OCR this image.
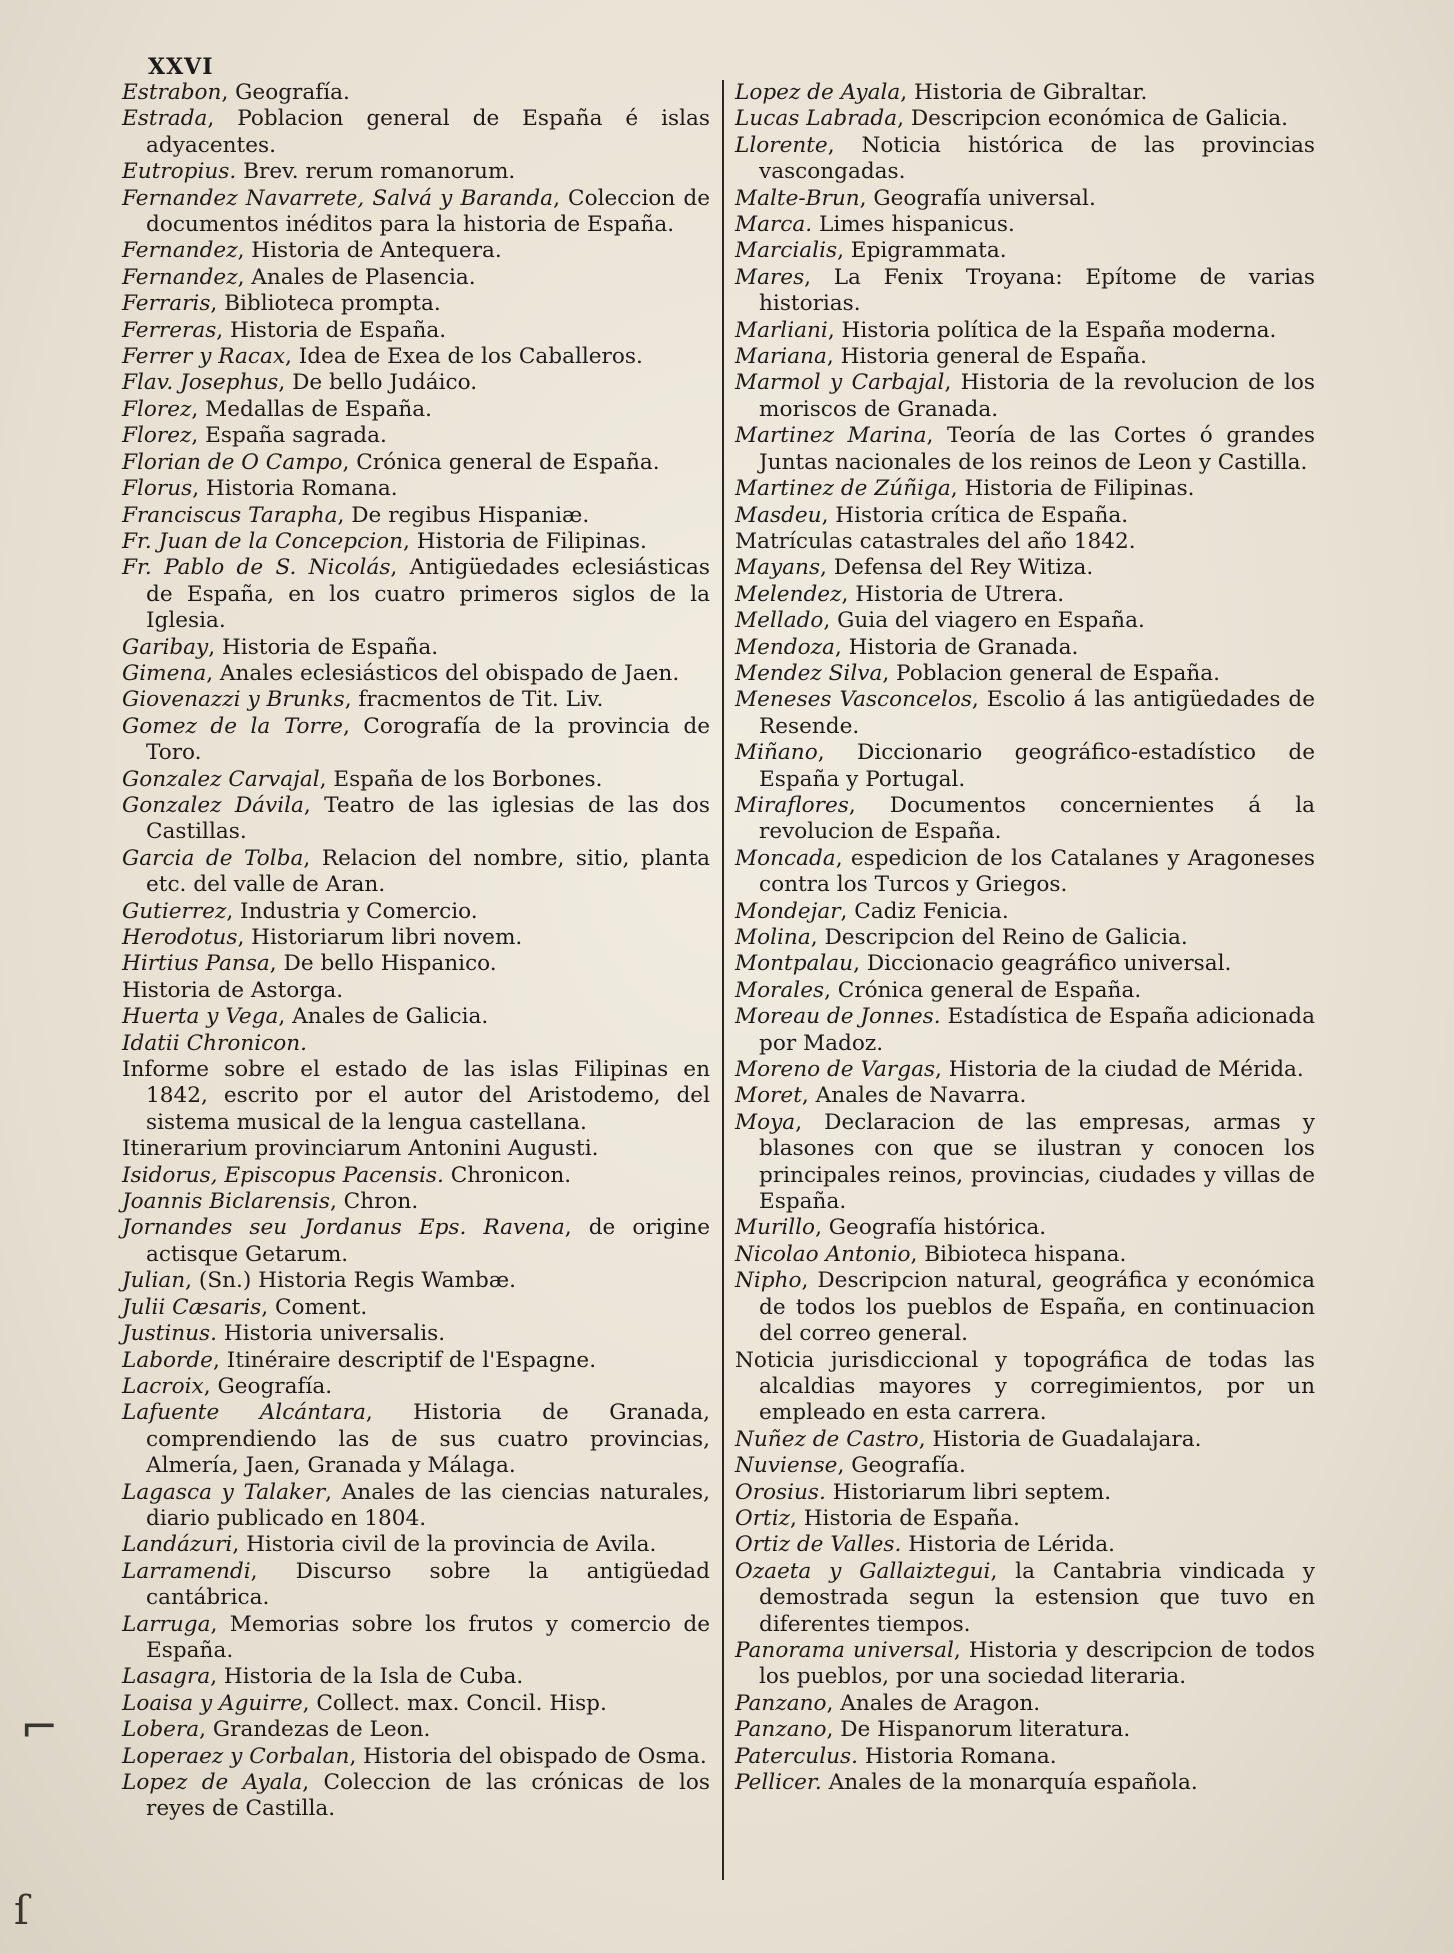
XXVI
Estrabon, Geografía.
Estrada, Poblacion general de España é islas adyacentes.
Eutropius. Brev. rerum romanorum.
Fernandez Navarrete, Salvá y Baranda, Coleccion de documentos inéditos para la historia de España.
Fernandez, Historia de Antequera.
Fernandez, Anales de Plasencia.
Ferraris, Biblioteca prompta.
Ferreras, Historia de España.
Ferrer y Racax, Idea de Exea de los Caballeros.
Flav. Josephus, De bello Judáico.
Florez, Medallas de España.
Florez, España sagrada.
Florian de O Campo, Crónica general de España.
Florus, Historia Romana.
Franciscus Tarapha, De regibus Hispaniæ.
Fr. Juan de la Concepcion, Historia de Filipinas.
Fr. Pablo de S. Nicolás, Antigüedades eclesiásticas de España, en los cuatro primeros siglos de la Iglesia.
Garibay, Historia de España.
Gimena, Anales eclesiásticos del obispado de Jaen.
Giovenazzi y Brunks, fracmentos de Tit. Liv.
Gomez de la Torre, Corografía de la provincia de Toro.
Gonzalez Carvajal, España de los Borbones.
Gonzalez Dávila, Teatro de las iglesias de las dos Castillas.
Garcia de Tolba, Relacion del nombre, sitio, planta etc. del valle de Aran.
Gutierrez, Industria y Comercio.
Herodotus, Historiarum libri novem.
Hirtius Pansa, De bello Hispanico.
Historia de Astorga.
Huerta y Vega, Anales de Galicia.
Idatii Chronicon.
Informe sobre el estado de las islas Filipinas en 1842, escrito por el autor del Aristodemo, del sistema musical de la lengua castellana.
Itinerarium provinciarum Antonini Augusti.
Isidorus, Episcopus Pacensis. Chronicon.
Joannis Biclarensis, Chron.
Jornandes seu Jordanus Eps. Ravena, de origine actisque Getarum.
Julian, (Sn.) Historia Regis Wambæ.
Julii Cæsaris, Coment.
Justinus. Historia universalis.
Laborde, Itinéraire descriptif de l'Espagne.
Lacroix, Geografía.
Lafuente Alcántara, Historia de Granada, comprendiendo las de sus cuatro provincias, Almería, Jaen, Granada y Málaga.
Lagasca y Talaker, Anales de las ciencias naturales, diario publicado en 1804.
Landázuri, Historia civil de la provincia de Avila.
Larramendi, Discurso sobre la antigüedad cantábrica.
Larruga, Memorias sobre los frutos y comercio de España.
Lasagra, Historia de la Isla de Cuba.
Loaisa y Aguirre, Collect. max. Concil. Hisp.
Lobera, Grandezas de Leon.
Loperaez y Corbalan, Historia del obispado de Osma.
Lopez de Ayala, Coleccion de las crónicas de los reyes de Castilla.
Lopez de Ayala, Historia de Gibraltar.
Lucas Labrada, Descripcion económica de Galicia.
Llorente, Noticia histórica de las provincias vascongadas.
Malte-Brun, Geografía universal.
Marca. Limes hispanicus.
Marcialis, Epigrammata.
Mares, La Fenix Troyana: Epítome de varias historias.
Marliani, Historia política de la España moderna.
Mariana, Historia general de España.
Marmol y Carbajal, Historia de la revolucion de los moriscos de Granada.
Martinez Marina, Teoría de las Cortes ó grandes Juntas nacionales de los reinos de Leon y Castilla.
Martinez de Zúñiga, Historia de Filipinas.
Masdeu, Historia crítica de España.
Matrículas catastrales del año 1842.
Mayans, Defensa del Rey Witiza.
Melendez, Historia de Utrera.
Mellado, Guia del viagero en España.
Mendoza, Historia de Granada.
Mendez Silva, Poblacion general de España.
Meneses Vasconcelos, Escolio á las antigüedades de Resende.
Miñano, Diccionario geográfico-estadístico de España y Portugal.
Miraflores, Documentos concernientes á la revolucion de España.
Moncada, espedicion de los Catalanes y Aragoneses contra los Turcos y Griegos.
Mondejar, Cadiz Fenicia.
Molina, Descripcion del Reino de Galicia.
Montpalau, Diccionacio geagráfico universal.
Morales, Crónica general de España.
Moreau de Jonnes. Estadística de España adicionada por Madoz.
Moreno de Vargas, Historia de la ciudad de Mérida.
Moret, Anales de Navarra.
Moya, Declaracion de las empresas, armas y blasones con que se ilustran y conocen los principales reinos, provincias, ciudades y villas de España.
Murillo, Geografía histórica.
Nicolao Antonio, Bibioteca hispana.
Nipho, Descripcion natural, geográfica y económica de todos los pueblos de España, en continuacion del correo general.
Noticia jurisdiccional y topográfica de todas las alcaldias mayores y corregimientos, por un empleado en esta carrera.
Nuñez de Castro, Historia de Guadalajara.
Nuviense, Geografía.
Orosius. Historiarum libri septem.
Ortiz, Historia de España.
Ortiz de Valles. Historia de Lérida.
Ozaeta y Gallaiztegui, la Cantabria vindicada y demostrada segun la estension que tuvo en diferentes tiempos.
Panorama universal, Historia y descripcion de todos los pueblos, por una sociedad literaria.
Panzano, Anales de Aragon.
Panzano, De Hispanorum literatura.
Paterculus. Historia Romana.
Pellicer. Anales de la monarquía española.
⌐
ſ
